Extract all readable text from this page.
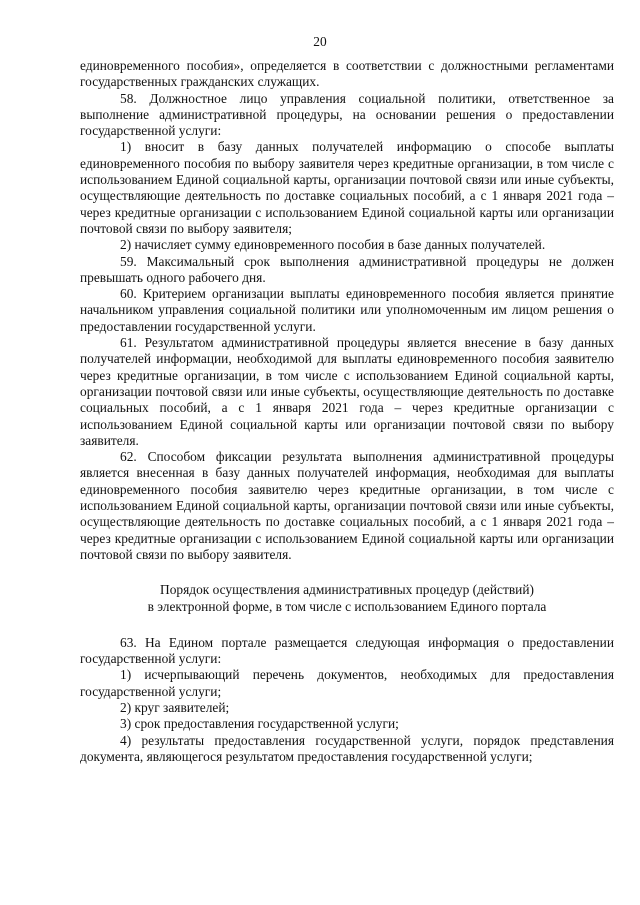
20

единовременного пособия», определяется в соответствии с должностными регламентами государственных гражданских служащих.

58. Должностное лицо управления социальной политики, ответственное за выполнение административной процедуры, на основании решения о предоставлении государственной услуги:

1) вносит в базу данных получателей информацию о способе выплаты единовременного пособия по выбору заявителя через кредитные организации, в том числе с использованием Единой социальной карты, организации почтовой связи или иные субъекты, осуществляющие деятельность по доставке социальных пособий, а с 1 января 2021 года – через кредитные организации с использованием Единой социальной карты или организации почтовой связи по выбору заявителя;

2) начисляет сумму единовременного пособия в базе данных получателей.

59. Максимальный срок выполнения административной процедуры не должен превышать одного рабочего дня.

60. Критерием организации выплаты единовременного пособия является принятие начальником управления социальной политики или уполномоченным им лицом решения о предоставлении государственной услуги.

61. Результатом административной процедуры является внесение в базу данных получателей информации, необходимой для выплаты единовременного пособия заявителю через кредитные организации, в том числе с использованием Единой социальной карты, организации почтовой связи или иные субъекты, осуществляющие деятельность по доставке социальных пособий, а с 1 января 2021 года – через кредитные организации с использованием Единой социальной карты или организации почтовой связи по выбору заявителя.

62. Способом фиксации результата выполнения административной процедуры является внесенная в базу данных получателей информация, необходимая для выплаты единовременного пособия заявителю через кредитные организации, в том числе с использованием Единой социальной карты, организации почтовой связи или иные субъекты, осуществляющие деятельность по доставке социальных пособий, а с 1 января 2021 года – через кредитные организации с использованием Единой социальной карты или организации почтовой связи по выбору заявителя.

Порядок осуществления административных процедур (действий)

в электронной форме, в том числе с использованием Единого портала

63. На Едином портале размещается следующая информация о предоставлении государственной услуги:

1) исчерпывающий перечень документов, необходимых для предоставления государственной услуги;

2) круг заявителей;

3) срок предоставления государственной услуги;

4) результаты предоставления государственной услуги, порядок представления документа, являющегося результатом предоставления государственной услуги;
